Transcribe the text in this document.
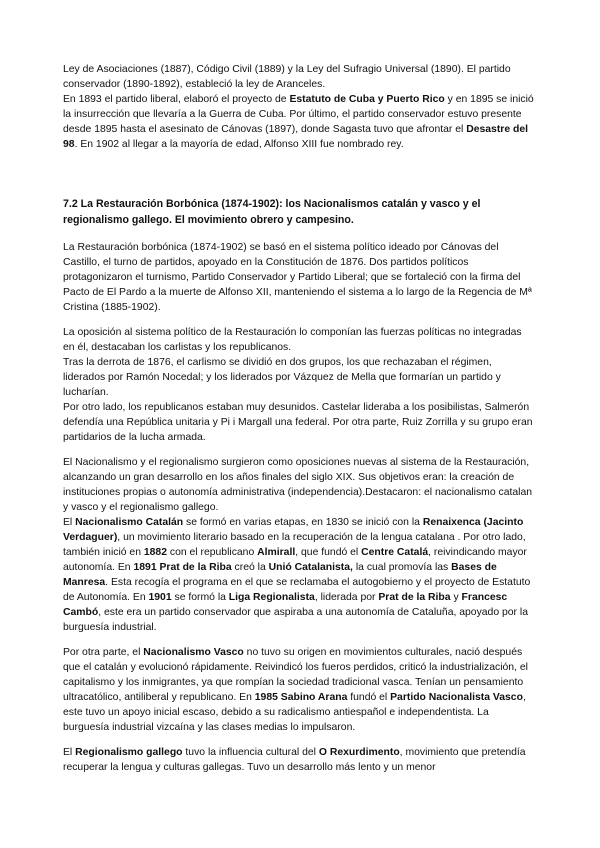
Ley de Asociaciones (1887), Código Civil (1889) y la Ley del Sufragio Universal (1890). El partido conservador (1890-1892), estableció la ley de Aranceles.

En 1893 el partido liberal, elaboró el proyecto de Estatuto de Cuba y Puerto Rico y en 1895 se inició la insurrección que llevaría a la Guerra de Cuba. Por último, el partido conservador estuvo presente desde 1895 hasta el asesinato de Cánovas (1897), donde Sagasta tuvo que afrontar el Desastre del 98. En 1902 al llegar a la mayoría de edad, Alfonso XIII fue nombrado rey.

7.2 La Restauración Borbónica (1874-1902): los Nacionalismos catalán y vasco y el regionalismo gallego. El movimiento obrero y campesino.

La Restauración borbónica (1874-1902) se basó en el sistema político ideado por Cánovas del Castillo, el turno de partidos, apoyado en la Constitución de 1876. Dos partidos políticos protagonizaron el turnismo, Partido Conservador y Partido Liberal; que se fortaleció con la firma del Pacto de El Pardo a la muerte de Alfonso XII, manteniendo el sistema a lo largo de la Regencia de Mª Cristina (1885-1902).

La oposición al sistema político de la Restauración lo componían las fuerzas políticas no integradas en él, destacaban los carlistas y los republicanos.

Tras la derrota de 1876, el carlismo se dividió en dos grupos, los que rechazaban el régimen, liderados por Ramón Nocedal; y los liderados por Vázquez de Mella que formarían un partido y lucharían.

Por otro lado, los republicanos estaban muy desunidos. Castelar lideraba a los posibilistas, Salmerón defendía una República unitaria y Pi i Margall una federal. Por otra parte, Ruiz Zorrilla y su grupo eran partidarios de la lucha armada.

El Nacionalismo y el regionalismo surgieron como oposiciones nuevas al sistema de la Restauración, alcanzando un gran desarrollo en los años finales del siglo XIX. Sus objetivos eran: la creación de instituciones propias o autonomía administrativa (independencia).Destacaron: el nacionalismo catalan y vasco y el regionalismo gallego.

El Nacionalismo Catalán se formó en varias etapas, en 1830 se inició con la Renaixenca (Jacinto Verdaguer), un movimiento literario basado en la recuperación de la lengua catalana . Por otro lado, también inició en 1882 con el republicano Almirall, que fundó el Centre Catalá, reivindicando mayor autonomía. En 1891 Prat de la Riba creó la Unió Catalanista, la cual promovía las Bases de Manresa. Esta recogía el programa en el que se reclamaba el autogobierno y el proyecto de Estatuto de Autonomía. En 1901 se formó la Liga Regionalista, liderada por Prat de la Riba y Francesc Cambó, este era un partido conservador que aspiraba a una autonomía de Cataluña, apoyado por la burguesía industrial.

Por otra parte, el Nacionalismo Vasco no tuvo su origen en movimientos culturales, nació después que el catalán y evolucionó rápidamente. Reivindicó los fueros perdidos, criticó la industrialización, el capitalismo y los inmigrantes, ya que rompían la sociedad tradicional vasca. Tenían un pensamiento ultracatólico, antiliberal y republicano. En 1985 Sabino Arana fundó el Partido Nacionalista Vasco, este tuvo un apoyo inicial escaso, debido a su radicalismo antiespañol e independentista. La burguesía industrial vizcaína y las clases medias lo impulsaron.

El Regionalismo gallego tuvo la influencia cultural del O Rexurdimento, movimiento que pretendía recuperar la lengua y culturas gallegas. Tuvo un desarrollo más lento y un menor
